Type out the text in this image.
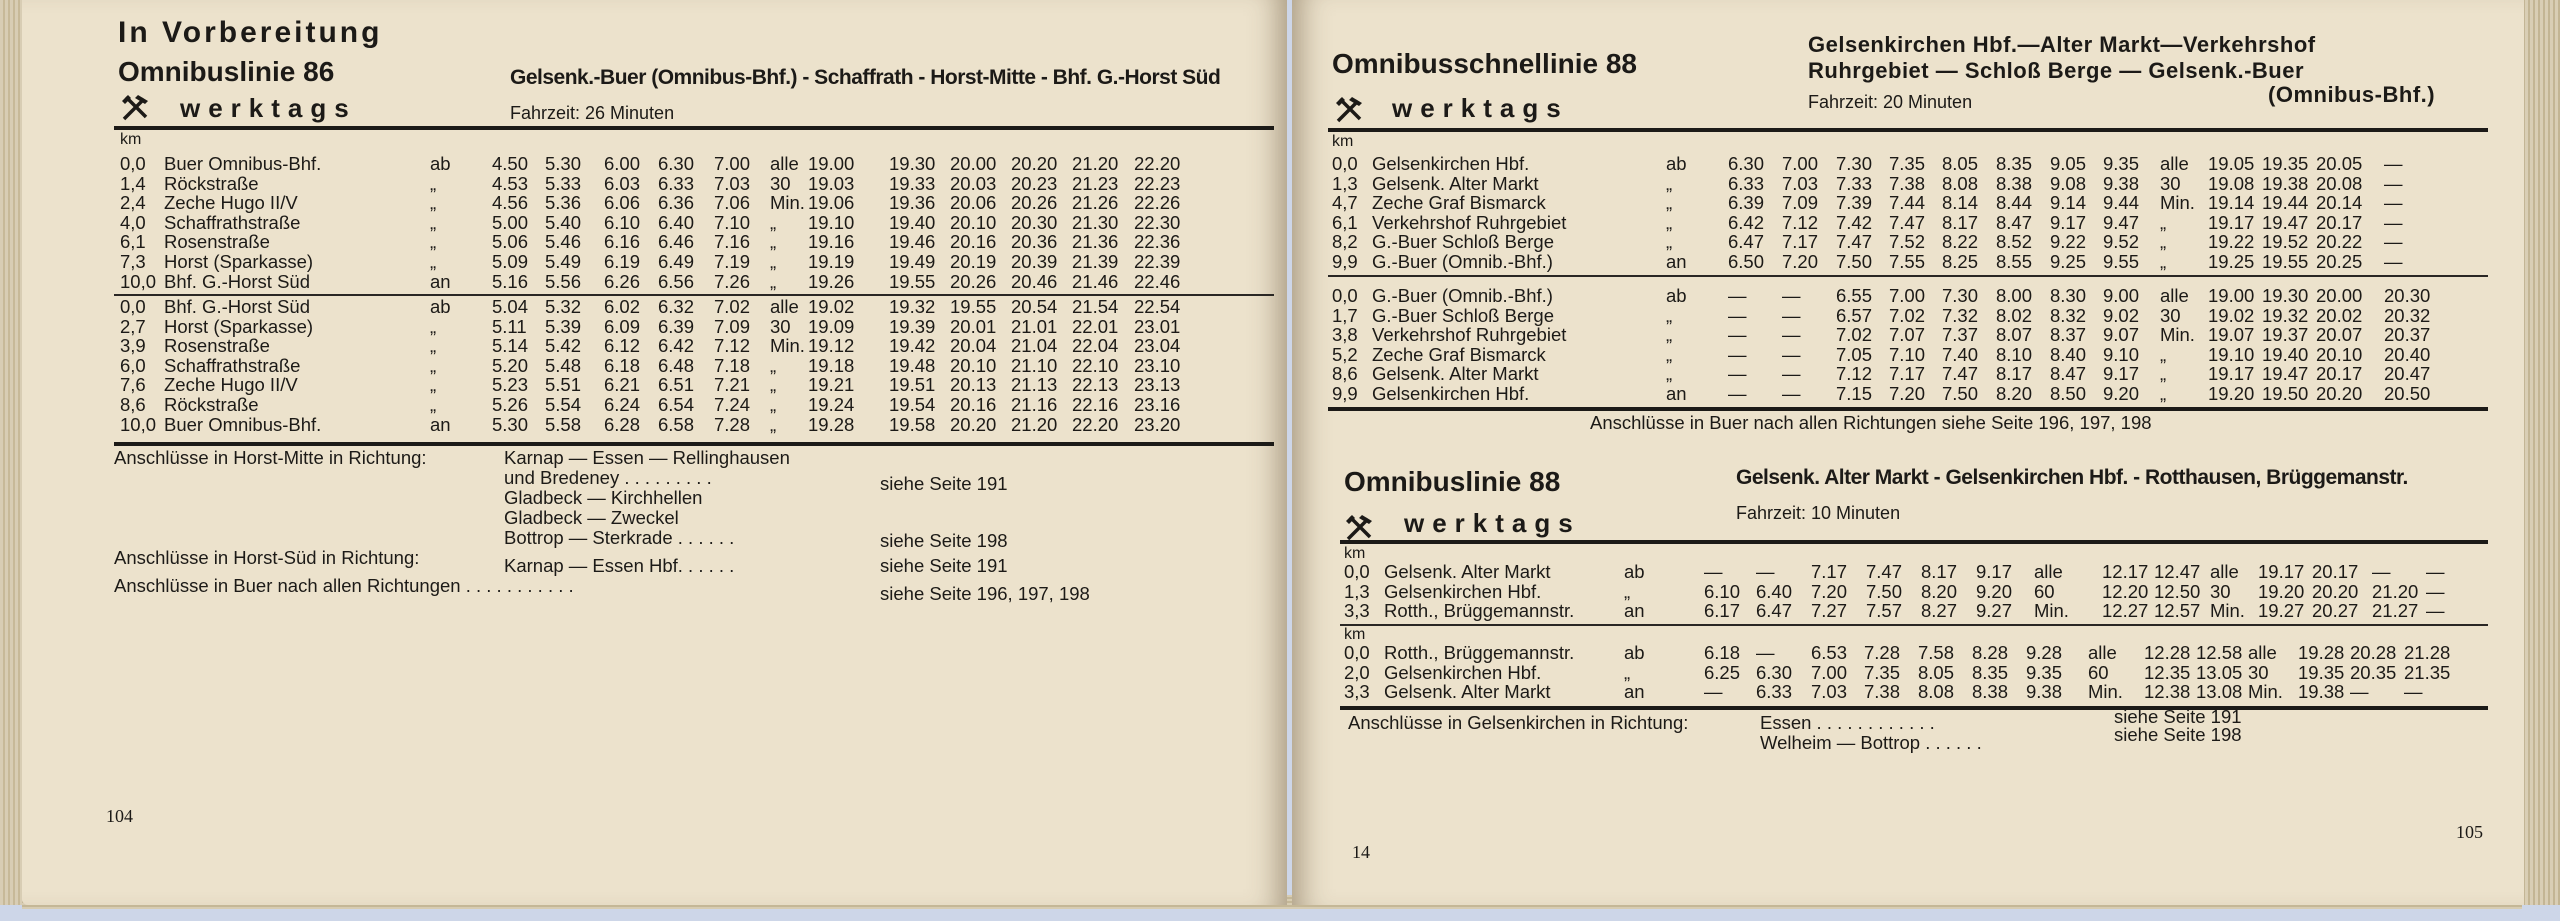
In Vorbereitung
Omnibuslinie 86	Gelsenk.-Buer (Omnibus-Bhf.) - Schaffrath - Horst-Mitte - Bhf. G.-Horst Süd
werktags	Fahrzeit: 26 Minuten
km
0,0 Buer Omnibus-Bhf.	ab 4.50 5.30 6.00 6.30 7.00 alle 19.00 19.30 20.00 20.20 21.20 22.20
1,4 Röckstraße	„	4.53 5.33 6.03 6.33 7.03 30 19.03 19.33 20.03 20.23 21.23 22.23
2,4 Zeche Hugo II/V	„	4.56 5.36 6.06 6.36 7.06 Min. 19.06 19.36 20.06 20.26 21.26 22.26
4,0 Schaffrathstraße	„	5.00 5.40 6.10 6.40 7.10 „ 19.10 19.40 20.10 20.30 21.30 22.30
6,1 Rosenstraße	„	5.06 5.46 6.16 6.46 7.16 „ 19.16 19.46 20.16 20.36 21.36 22.36
7,3 Horst (Sparkasse)	„	5.09 5.49 6.19 6.49 7.19 „ 19.19 19.49 20.19 20.39 21.39 22.39
10,0 Bhf. G.-Horst Süd	an 5.16 5.56 6.26 6.56 7.26 „ 19.26 19.55 20.26 20.46 21.46 22.46
0,0 Bhf. G.-Horst Süd	ab 5.04 5.32 6.02 6.32 7.02 alle 19.02 19.32 19.55 20.54 21.54 22.54
2,7 Horst (Sparkasse)	„	5.11 5.39 6.09 6.39 7.09 30 19.09 19.39 20.01 21.01 22.01 23.01
3,9 Rosenstraße	„	5.14 5.42 6.12 6.42 7.12 Min. 19.12 19.42 20.04 21.04 22.04 23.04
6,0 Schaffrathstraße	„	5.20 5.48 6.18 6.48 7.18 „ 19.18 19.48 20.10 21.10 22.10 23.10
7,6 Zeche Hugo II/V	„	5.23 5.51 6.21 6.51 7.21 „ 19.21 19.51 20.13 21.13 22.13 23.13
8,6 Röckstraße	„	5.26 5.54 6.24 6.54 7.24 „ 19.24 19.54 20.16 21.16 22.16 23.16
10,0 Buer Omnibus-Bhf.	an 5.30 5.58 6.28 6.58 7.28 „ 19.28 19.58 20.20 21.20 22.20 23.20
Anschlüsse in Horst-Mitte in Richtung:	Karnap — Essen — Rellinghausen
und Bredeney . . . . . . . . .	siehe Seite 191
Gladbeck — Kirchhellen
Gladbeck — Zweckel
Bottrop — Sterkrade . . . . . .	siehe Seite 198
Anschlüsse in Horst-Süd in Richtung:	Karnap — Essen Hbf. . . . . .	siehe Seite 191
Anschlüsse in Buer nach allen Richtungen . . . . . . . . . . .	siehe Seite 196, 197, 198
104
Omnibusschnellinie 88
Gelsenkirchen Hbf.—Alter Markt—Verkehrshof
Ruhrgebiet — Schloß Berge — Gelsenk.-Buer
(Omnibus-Bhf.)
werktags	Fahrzeit: 20 Minuten
km
0,0 Gelsenkirchen Hbf.	ab 6.30 7.00 7.30 7.35 8.05 8.35 9.05 9.35 alle 19.05 19.35 20.05 —
1,3 Gelsenk. Alter Markt	„	6.33 7.03 7.33 7.38 8.08 8.38 9.08 9.38 30 19.08 19.38 20.08 —
4,7 Zeche Graf Bismarck	„	6.39 7.09 7.39 7.44 8.14 8.44 9.14 9.44 Min. 19.14 19.44 20.14 —
6,1 Verkehrshof Ruhrgebiet	„	6.42 7.12 7.42 7.47 8.17 8.47 9.17 9.47 „ 19.17 19.47 20.17 —
8,2 G.-Buer Schloß Berge	„	6.47 7.17 7.47 7.52 8.22 8.52 9.22 9.52 „ 19.22 19.52 20.22 —
9,9 G.-Buer (Omnib.-Bhf.)	an 6.50 7.20 7.50 7.55 8.25 8.55 9.25 9.55 „ 19.25 19.55 20.25 —
0,0 G.-Buer (Omnib.-Bhf.)	ab — — 6.55 7.00 7.30 8.00 8.30 9.00 alle 19.00 19.30 20.00 20.30
1,7 G.-Buer Schloß Berge	„	— — 6.57 7.02 7.32 8.02 8.32 9.02 30 19.02 19.32 20.02 20.32
3,8 Verkehrshof Ruhrgebiet	„	— — 7.02 7.07 7.37 8.07 8.37 9.07 Min. 19.07 19.37 20.07 20.37
5,2 Zeche Graf Bismarck	„	— — 7.05 7.10 7.40 8.10 8.40 9.10 „ 19.10 19.40 20.10 20.40
8,6 Gelsenk. Alter Markt	„	— — 7.12 7.17 7.47 8.17 8.47 9.17 „ 19.17 19.47 20.17 20.47
9,9 Gelsenkirchen Hbf.	an — — 7.15 7.20 7.50 8.20 8.50 9.20 „ 19.20 19.50 20.20 20.50
Anschlüsse in Buer nach allen Richtungen siehe Seite 196, 197, 198
Omnibuslinie 88	Gelsenk. Alter Markt - Gelsenkirchen Hbf. - Rotthausen, Brüggemanstr.
werktags	Fahrzeit: 10 Minuten
km
0,0 Gelsenk. Alter Markt	ab	— — 7.17 7.47 8.17 9.17 alle 12.17 12.47 alle 19.17 20.17 — —
1,3 Gelsenkirchen Hbf.	„	6.10 6.40 7.20 7.50 8.20 9.20 60	12.20 12.50 30 19.20 20.20 21.20 —
3,3 Rotth., Brüggemannstr.	an	6.17 6.47 7.27 7.57 8.27 9.27 Min. 12.27 12.57 Min. 19.27 20.27 21.27 —
km
0,0 Rotth., Brüggemannstr.	ab	6.18 — 6.53 7.28 7.58 8.28 9.28 alle 12.28 12.58 alle 19.28 20.28 21.28
2,0 Gelsenkirchen Hbf.	„	6.25 6.30 7.00 7.35 8.05 8.35 9.35 60 12.35 13.05 30 19.35 20.35 21.35
3,3 Gelsenk. Alter Markt	an	— 6.33 7.03 7.38 8.08 8.38 9.38 Min. 12.38 13.08 Min. 19.38 — —
Anschlüsse in Gelsenkirchen in Richtung:	Essen . . . . . . . . . . . .
Welheim — Bottrop . . . . . .
siehe Seite 191
siehe Seite 198
14
105
